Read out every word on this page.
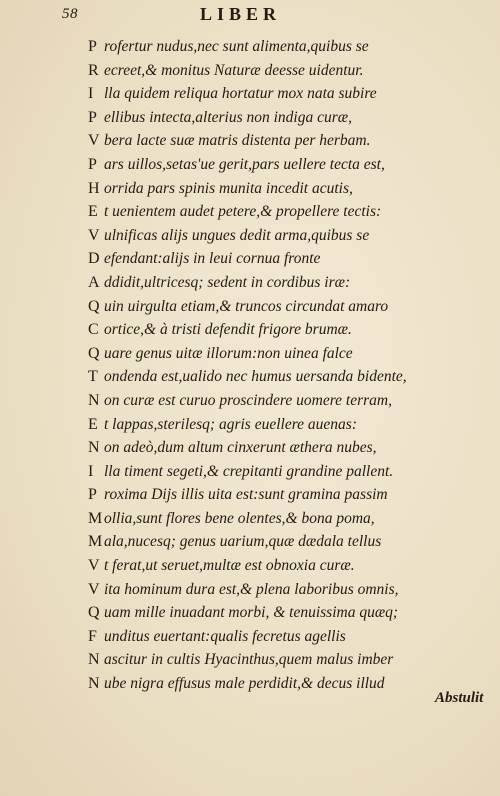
58	LIBER
P rofertur nudus,nec sunt alimenta,quibus se
R ecreet,& monitus Naturæ deesse uidentur.
I lla quidem reliqua hortatur mox nata subire
P ellibus intecta,alterius non indiga curæ,
V bera lacte suæ matris distenta per herbam.
P ars uillos,setas'ue gerit,pars uellere tecta est,
H orrida pars spinis munita incedit acutis,
E t uenientem audet petere,& propellere tectis:
V ulnificas alijs ungues dedit arma,quibus se
D efendant:alijs in leui cornua fronte
A ddidit,ultricesq; sedent in cordibus iræ:
Q uin uirgulta etiam,& truncos circundat amaro
C ortice,& à tristi defendit frigore brumæ.
Q uare genus uitæ illorum:non uinea falce
T ondenda est,ualido nec humus uersanda bidente,
N on curæ est curuo proscindere uomere terram,
E t lappas,sterilesq; agris euellere auenas:
N on adeò,dum altum cinxerunt æthera nubes,
I lla timent segeti,& crepitanti grandine pallent.
P roxima Dijs illis uita est:sunt gramina passim
M ollia,sunt flores bene olentes,& bona poma,
M ala,nucesq; genus uarium,quæ dædala tellus
V t ferat,ut seruet,multæ est obnoxia curæ.
V ita hominum dura est,& plena laboribus omnis,
Q uam mille inuadant morbi, & tenuissima quæq;
F unditus euertant:qualis fecretus agellis
N ascitur in cultis Hyacinthus,quem malus imber
N ube nigra effusus male perdidit,& decus illud
Abstulit
